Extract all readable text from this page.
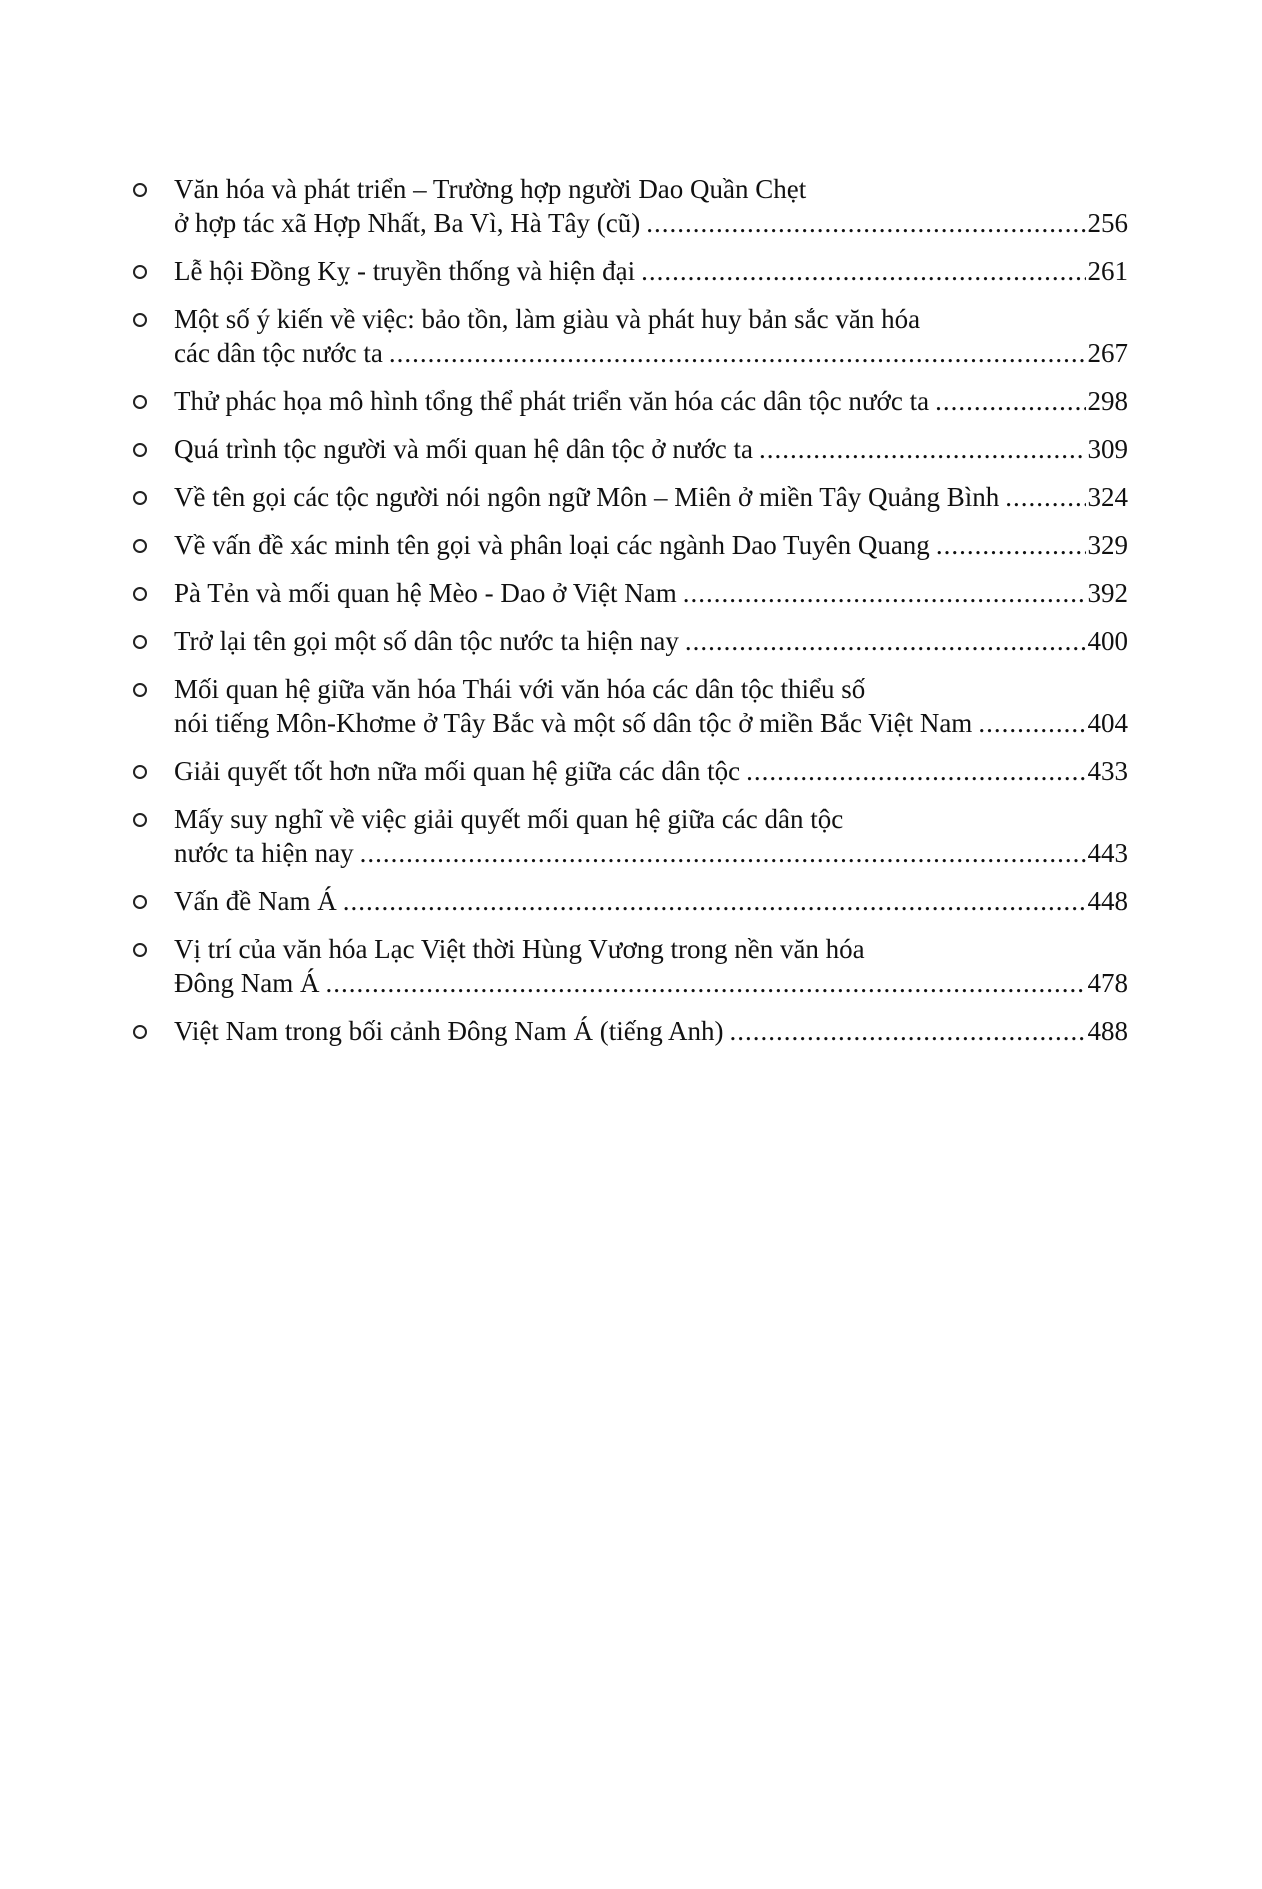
Văn hóa và phát triển – Trường hợp người Dao Quần Chẹt
ở hợp tác xã Hợp Nhất, Ba Vì, Hà Tây (cũ) .....	256
Lễ hội Đồng Kỵ - truyền thống và hiện đại .....	261
Một số ý kiến về việc: bảo tồn, làm giàu và phát huy bản sắc văn hóa
các dân tộc nước ta .....	267
Thử phác họa mô hình tổng thể phát triển văn hóa các dân tộc nước ta .....	298
Quá trình tộc người và mối quan hệ dân tộc ở nước ta .....	309
Về tên gọi các tộc người nói ngôn ngữ Môn – Miên ở miền Tây Quảng Bình .....	324
Về vấn đề xác minh tên gọi và phân loại các ngành Dao Tuyên Quang .....	329
Pà Tẻn và mối quan hệ Mèo - Dao ở Việt Nam .....	392
Trở lại tên gọi một số dân tộc nước ta hiện nay .....	400
Mối quan hệ giữa văn hóa Thái với văn hóa các dân tộc thiểu số
nói tiếng Môn-Khơme ở Tây Bắc và một số dân tộc ở miền Bắc Việt Nam .....	404
Giải quyết tốt hơn nữa mối quan hệ giữa các dân tộc .....	433
Mấy suy nghĩ về việc giải quyết mối quan hệ giữa các dân tộc
nước ta hiện nay .....	443
Vấn đề Nam Á .....	448
Vị trí của văn hóa Lạc Việt thời Hùng Vương trong nền văn hóa
Đông Nam Á .....	478
Việt Nam trong bối cảnh Đông Nam Á (tiếng Anh) .....	488
